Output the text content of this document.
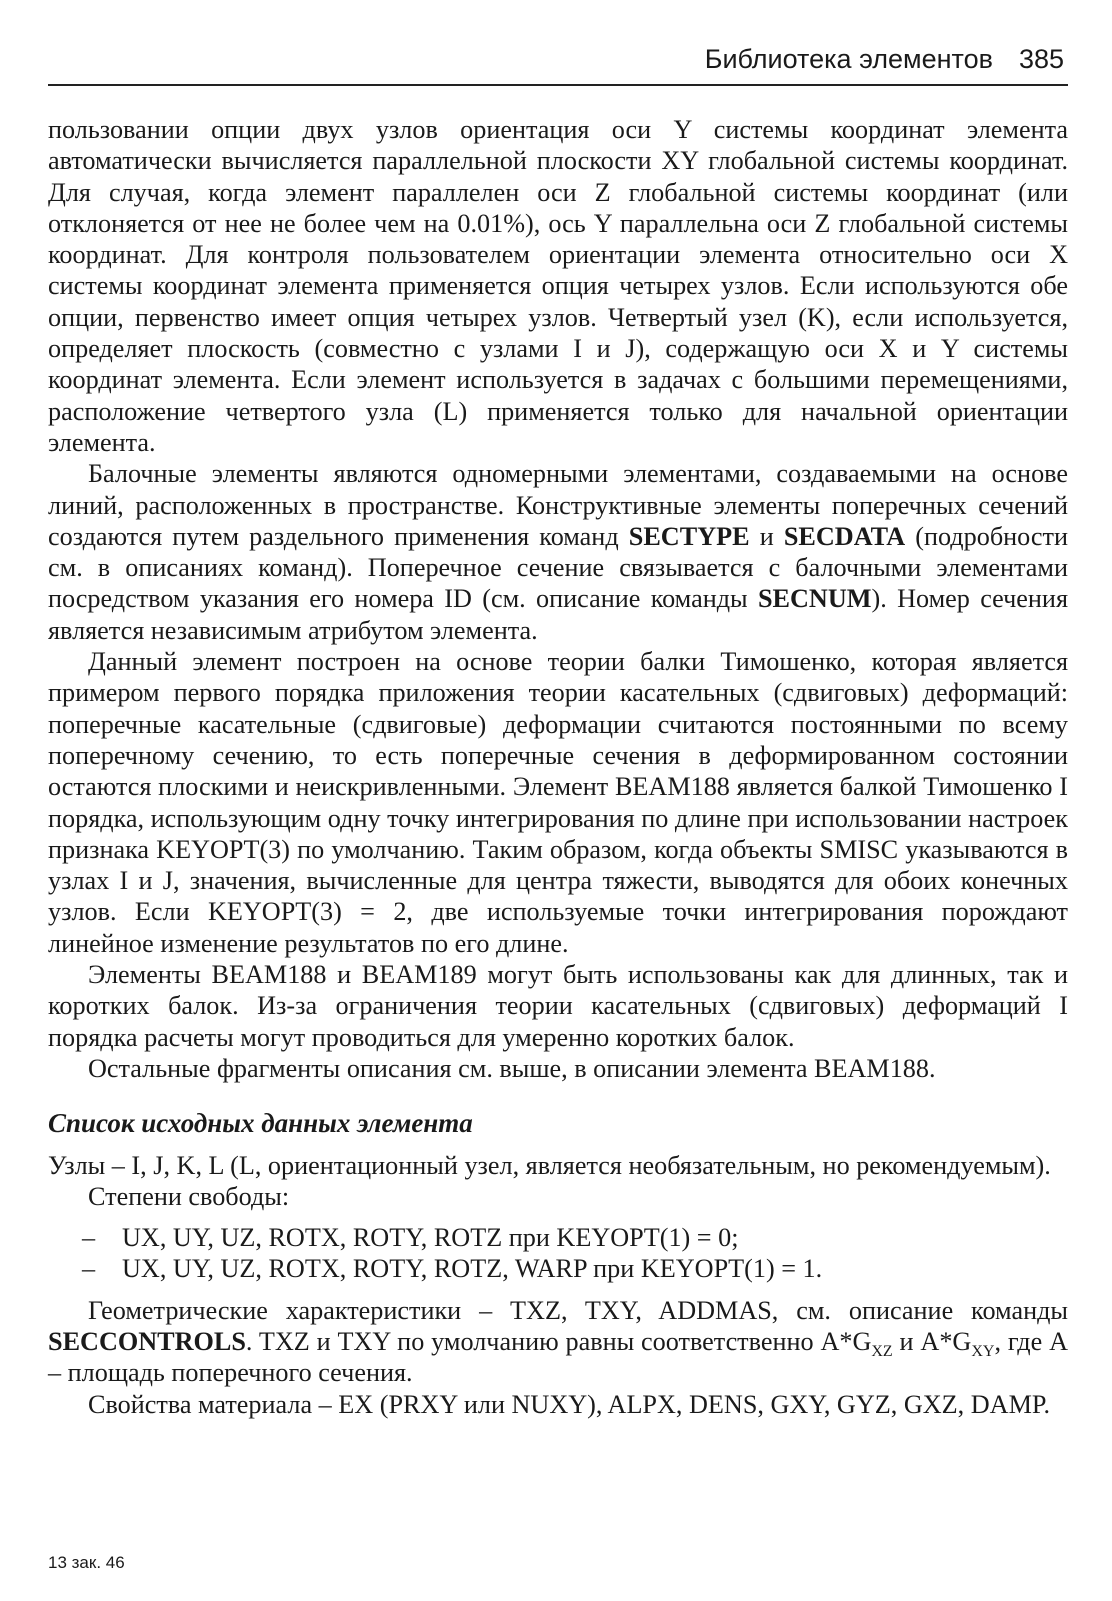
Библиотека элементов 385

пользовании опции двух узлов ориентация оси Y системы координат элемента автоматически вычисляется параллельной плоскости XY глобальной системы координат. Для случая, когда элемент параллелен оси Z глобальной системы координат (или отклоняется от нее не более чем на 0.01%), ось Y параллельна оси Z глобальной системы координат. Для контроля пользователем ориентации элемента относительно оси X системы координат элемента применяется опция четырех узлов. Если используются обе опции, первенство имеет опция четырех узлов. Четвертый узел (K), если используется, определяет плоскость (совместно с узлами I и J), содержащую оси X и Y системы координат элемента. Если элемент используется в задачах с большими перемещениями, расположение четвертого узла (L) применяется только для начальной ориентации элемента.

Балочные элементы являются одномерными элементами, создаваемыми на основе линий, расположенных в пространстве. Конструктивные элементы поперечных сечений создаются путем раздельного применения команд SECTYPE и SECDATA (подробности см. в описаниях команд). Поперечное сечение связывается с балочными элементами посредством указания его номера ID (см. описание команды SECNUM). Номер сечения является независимым атрибутом элемента.

Данный элемент построен на основе теории балки Тимошенко, которая является примером первого порядка приложения теории касательных (сдвиговых) деформаций: поперечные касательные (сдвиговые) деформации считаются постоянными по всему поперечному сечению, то есть поперечные сечения в деформированном состоянии остаются плоскими и неискривленными. Элемент BEAM188 является балкой Тимошенко I порядка, использующим одну точку интегрирования по длине при использовании настроек признака KEYOPT(3) по умолчанию. Таким образом, когда объекты SMISC указываются в узлах I и J, значения, вычисленные для центра тяжести, выводятся для обоих конечных узлов. Если KEYOPT(3) = 2, две используемые точки интегрирования порождают линейное изменение результатов по его длине.

Элементы BEAM188 и BEAM189 могут быть использованы как для длинных, так и коротких балок. Из-за ограничения теории касательных (сдвиговых) деформаций I порядка расчеты могут проводиться для умеренно коротких балок.

Остальные фрагменты описания см. выше, в описании элемента BEAM188.

Список исходных данных элемента

Узлы – I, J, K, L (L, ориентационный узел, является необязательным, но рекомендуемым).

Степени свободы:

– UX, UY, UZ, ROTX, ROTY, ROTZ при KEYOPT(1) = 0;
– UX, UY, UZ, ROTX, ROTY, ROTZ, WARP при KEYOPT(1) = 1.

Геометрические характеристики – TXZ, TXY, ADDMAS, см. описание команды SECCONTROLS. TXZ и TXY по умолчанию равны соответственно $A*G_{XZ}$ и $A*G_{XY}$, где A – площадь поперечного сечения.

Свойства материала – EX (PRXY или NUXY), ALPX, DENS, GXY, GYZ, GXZ, DAMP.

13 зак. 46
